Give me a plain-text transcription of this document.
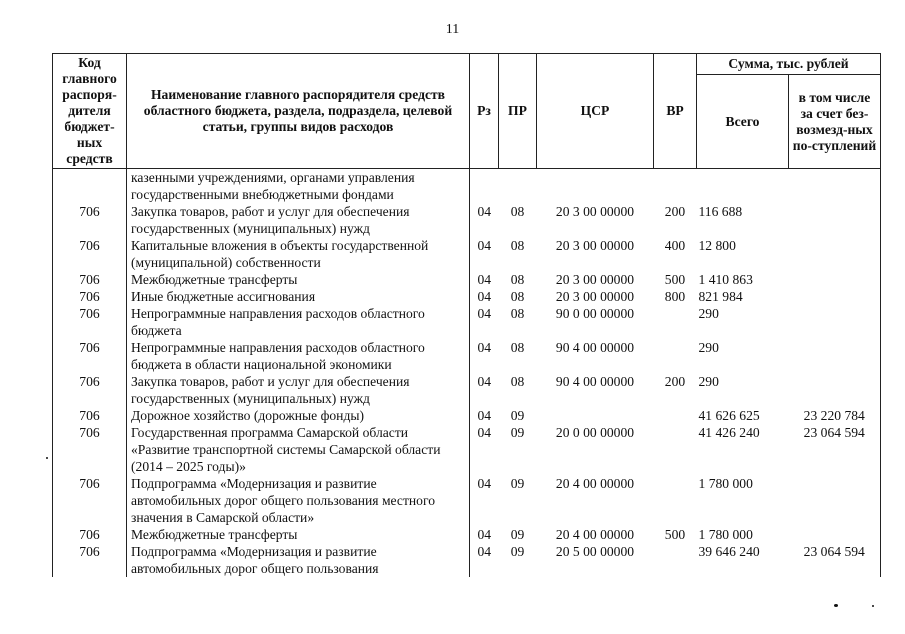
11
Код главного распоря-дителя бюджет-ных средств	Наименование главного распорядителя средств областного бюджета, раздела, подраздела, целевой статьи, группы видов расходов	Рз	ПР	ЦСР	ВР	Сумма, тыс. рублей	
						Всего	в том числе за счет без-возмезд-ных по-ступлений
	казенными учреждениями, органами управления государственными внебюджетными фондами						
706	Закупка товаров, работ и услуг для обеспечения государственных (муниципальных) нужд	04	08	20 3 00 00000	200	116 688	
706	Капитальные вложения в объекты государственной (муниципальной) собственности	04	08	20 3 00 00000	400	12 800	
706	Межбюджетные трансферты	04	08	20 3 00 00000	500	1 410 863	
706	Иные бюджетные ассигнования	04	08	20 3 00 00000	800	821 984	
706	Непрограммные направления расходов областного бюджета	04	08	90 0 00 00000		290	
706	Непрограммные направления расходов областного бюджета в области национальной экономики	04	08	90 4 00 00000		290	
706	Закупка товаров, работ и услуг для обеспечения государственных (муниципальных) нужд	04	08	90 4 00 00000	200	290	
706	Дорожное хозяйство (дорожные фонды)	04	09			41 626 625	23 220 784
706	Государственная программа Самарской области «Развитие транспортной системы Самарской области (2014 – 2025 годы)»	04	09	20 0 00 00000		41 426 240	23 064 594
706	Подпрограмма «Модернизация и развитие автомобильных дорог общего пользования местного значения в Самарской области»	04	09	20 4 00 00000		1 780 000	
706	Межбюджетные трансферты	04	09	20 4 00 00000	500	1 780 000	
706	Подпрограмма «Модернизация и развитие автомобильных дорог общего пользования	04	09	20 5 00 00000		39 646 240	23 064 594
